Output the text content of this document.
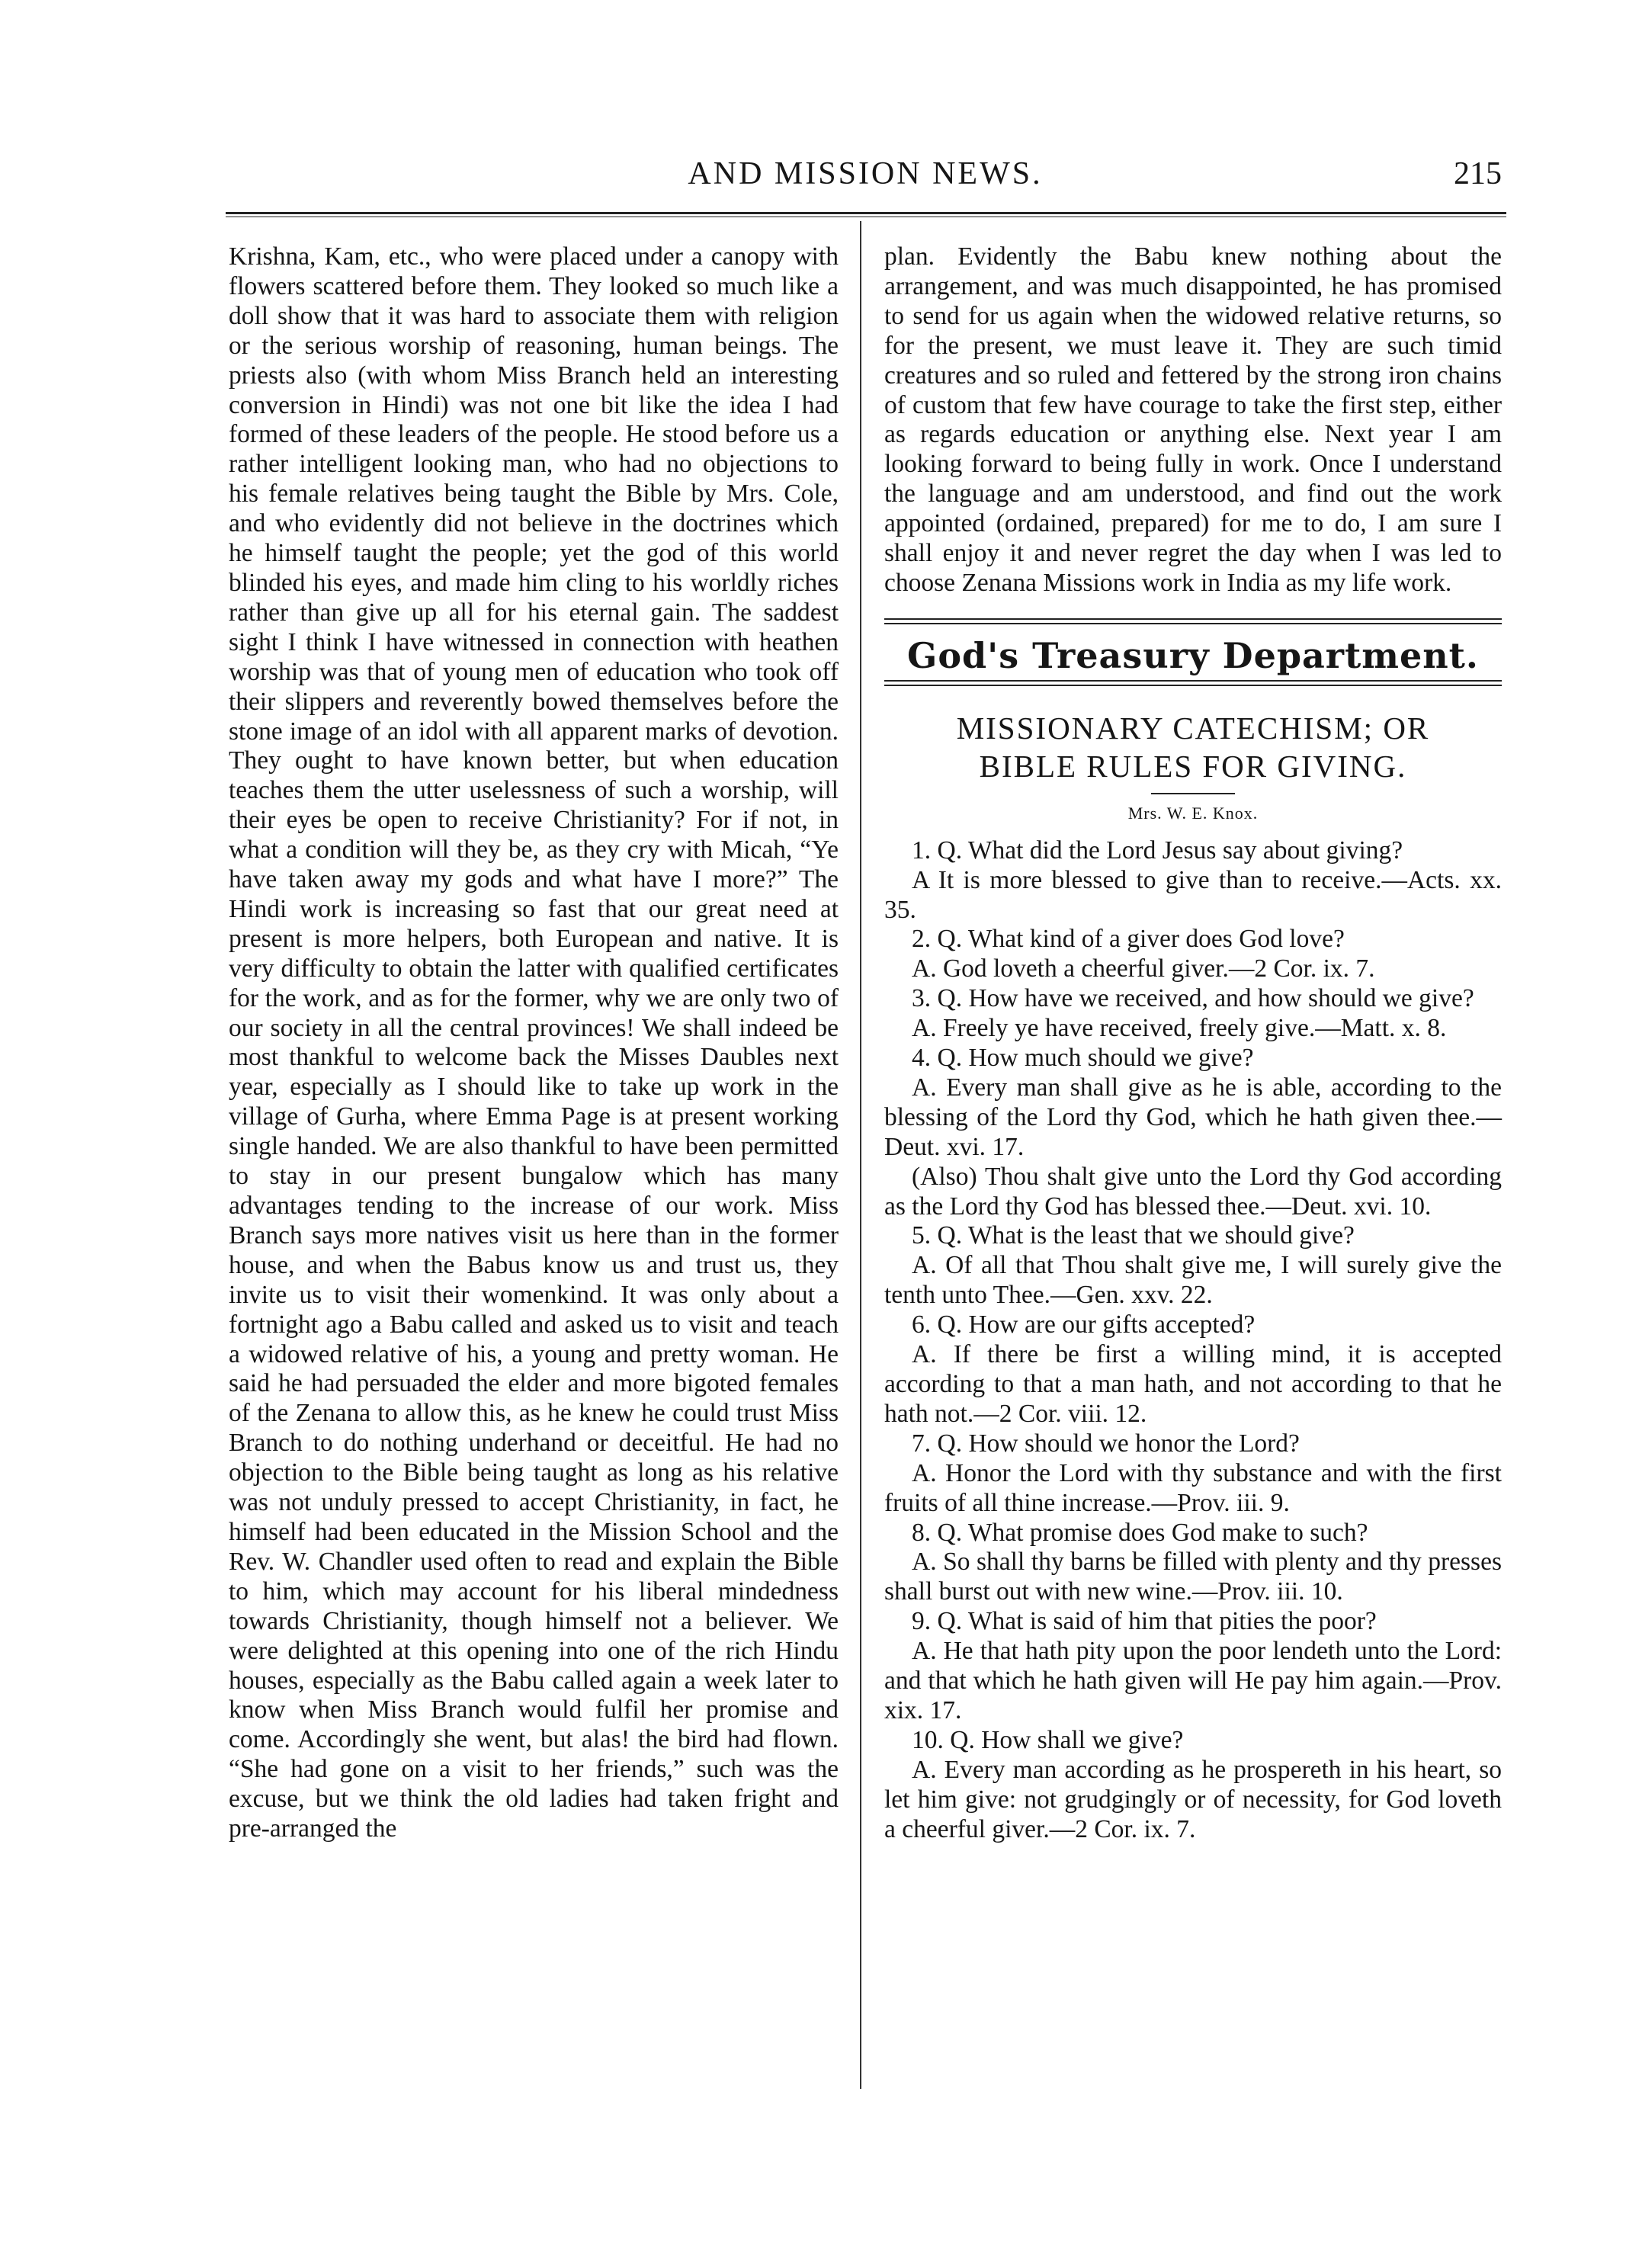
AND MISSION NEWS.	215

Krishna, Kam, etc., who were placed under a canopy with flowers scattered before them. They looked so much like a doll show that it was hard to associate them with religion or the serious worship of reasoning, human beings. The priests also (with whom Miss Branch held an interesting conversion in Hindi) was not one bit like the idea I had formed of these leaders of the people. He stood before us a rather intelligent looking man, who had no objections to his female relatives being taught the Bible by Mrs. Cole, and who evidently did not believe in the doctrines which he himself taught the people; yet the god of this world blinded his eyes, and made him cling to his worldly riches rather than give up all for his eternal gain. The saddest sight I think I have witnessed in connection with heathen worship was that of young men of education who took off their slippers and reverently bowed themselves before the stone image of an idol with all apparent marks of devotion. They ought to have known better, but when education teaches them the utter uselessness of such a worship, will their eyes be open to receive Christianity? For if not, in what a condition will they be, as they cry with Micah, “Ye have taken away my gods and what have I more?” The Hindi work is increasing so fast that our great need at present is more helpers, both European and native. It is very difficulty to obtain the latter with qualified certificates for the work, and as for the former, why we are only two of our society in all the central provinces! We shall indeed be most thankful to welcome back the Misses Daubles next year, especially as I should like to take up work in the village of Gurha, where Emma Page is at present working single handed. We are also thankful to have been permitted to stay in our present bungalow which has many advantages tending to the increase of our work. Miss Branch says more natives visit us here than in the former house, and when the Babus know us and trust us, they invite us to visit their womenkind. It was only about a fortnight ago a Babu called and asked us to visit and teach a widowed relative of his, a young and pretty woman. He said he had persuaded the elder and more bigoted females of the Zenana to allow this, as he knew he could trust Miss Branch to do nothing underhand or deceitful. He had no objection to the Bible being taught as long as his relative was not unduly pressed to accept Christianity, in fact, he himself had been educated in the Mission School and the Rev. W. Chandler used often to read and explain the Bible to him, which may account for his liberal mindedness towards Christianity, though himself not a believer. We were delighted at this opening into one of the rich Hindu houses, especially as the Babu called again a week later to know when Miss Branch would fulfil her promise and come. Accordingly she went, but alas! the bird had flown. “She had gone on a visit to her friends,” such was the excuse, but we think the old ladies had taken fright and pre-arranged the

plan. Evidently the Babu knew nothing about the arrangement, and was much disappointed, he has promised to send for us again when the widowed relative returns, so for the present, we must leave it. They are such timid creatures and so ruled and fettered by the strong iron chains of custom that few have courage to take the first step, either as regards education or anything else. Next year I am looking forward to being fully in work. Once I understand the language and am understood, and find out the work appointed (ordained, prepared) for me to do, I am sure I shall enjoy it and never regret the day when I was led to choose Zenana Missions work in India as my life work.

God's Treasury Department.
MISSIONARY CATECHISM; OR
BIBLE RULES FOR GIVING.
Mrs. W. E. Knox.
1. Q. What did the Lord Jesus say about giving?
A It is more blessed to give than to receive.—Acts. xx. 35.
2. Q. What kind of a giver does God love?
A. God loveth a cheerful giver.—2 Cor. ix. 7.
3. Q. How have we received, and how should we give?
A. Freely ye have received, freely give.—Matt. x. 8.
4. Q. How much should we give?
A. Every man shall give as he is able, according to the blessing of the Lord thy God, which he hath given thee.—Deut. xvi. 17.
(Also) Thou shalt give unto the Lord thy God according as the Lord thy God has blessed thee.—Deut. xvi. 10.
5. Q. What is the least that we should give?
A. Of all that Thou shalt give me, I will surely give the tenth unto Thee.—Gen. xxv. 22.
6. Q. How are our gifts accepted?
A. If there be first a willing mind, it is accepted according to that a man hath, and not according to that he hath not.—2 Cor. viii. 12.
7. Q. How should we honor the Lord?
A. Honor the Lord with thy substance and with the first fruits of all thine increase.—Prov. iii. 9.
8. Q. What promise does God make to such?
A. So shall thy barns be filled with plenty and thy presses shall burst out with new wine.—Prov. iii. 10.
9. Q. What is said of him that pities the poor?
A. He that hath pity upon the poor lendeth unto the Lord: and that which he hath given will He pay him again.—Prov. xix. 17.
10. Q. How shall we give?
A. Every man according as he prospereth in his heart, so let him give: not grudgingly or of necessity, for God loveth a cheerful giver.—2 Cor. ix. 7.
